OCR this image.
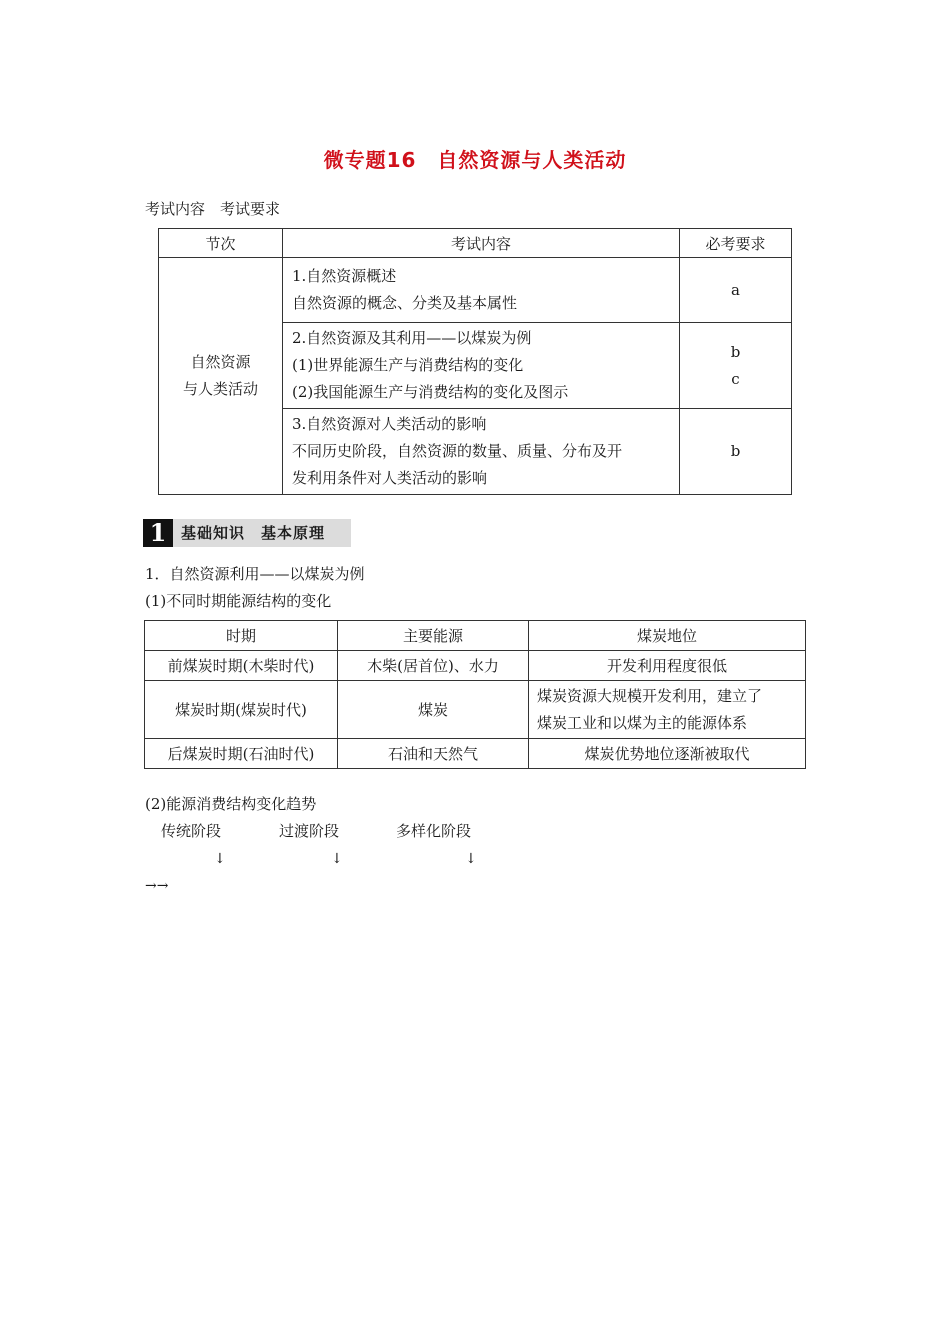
微专题16　自然资源与人类活动
考试内容　考试要求
节次	考试内容	必考要求

自然资源
与人类活动	1.自然资源概述
自然资源的概念、分类及基本属性	a

	2.自然资源及其利用——以煤炭为例
(1)世界能源生产与消费结构的变化
(2)我国能源生产与消费结构的变化及图示	b
c

	3.自然资源对人类活动的影响
不同历史阶段，自然资源的数量、质量、分布及开
发利用条件对人类活动的影响	b
1 基础知识　基本原理
1．自然资源利用——以煤炭为例
(1)不同时期能源结构的变化
时期	主要能源	煤炭地位
前煤炭时期(木柴时代)	木柴(居首位)、水力	开发利用程度很低
煤炭时期(煤炭时代)	煤炭	煤炭资源大规模开发利用，建立了
煤炭工业和以煤为主的能源体系

后煤炭时期(石油时代)	石油和天然气	煤炭优势地位逐渐被取代
(2)能源消费结构变化趋势
传统阶段	过渡阶段	多样化阶段
↓	↓	↓
→→
